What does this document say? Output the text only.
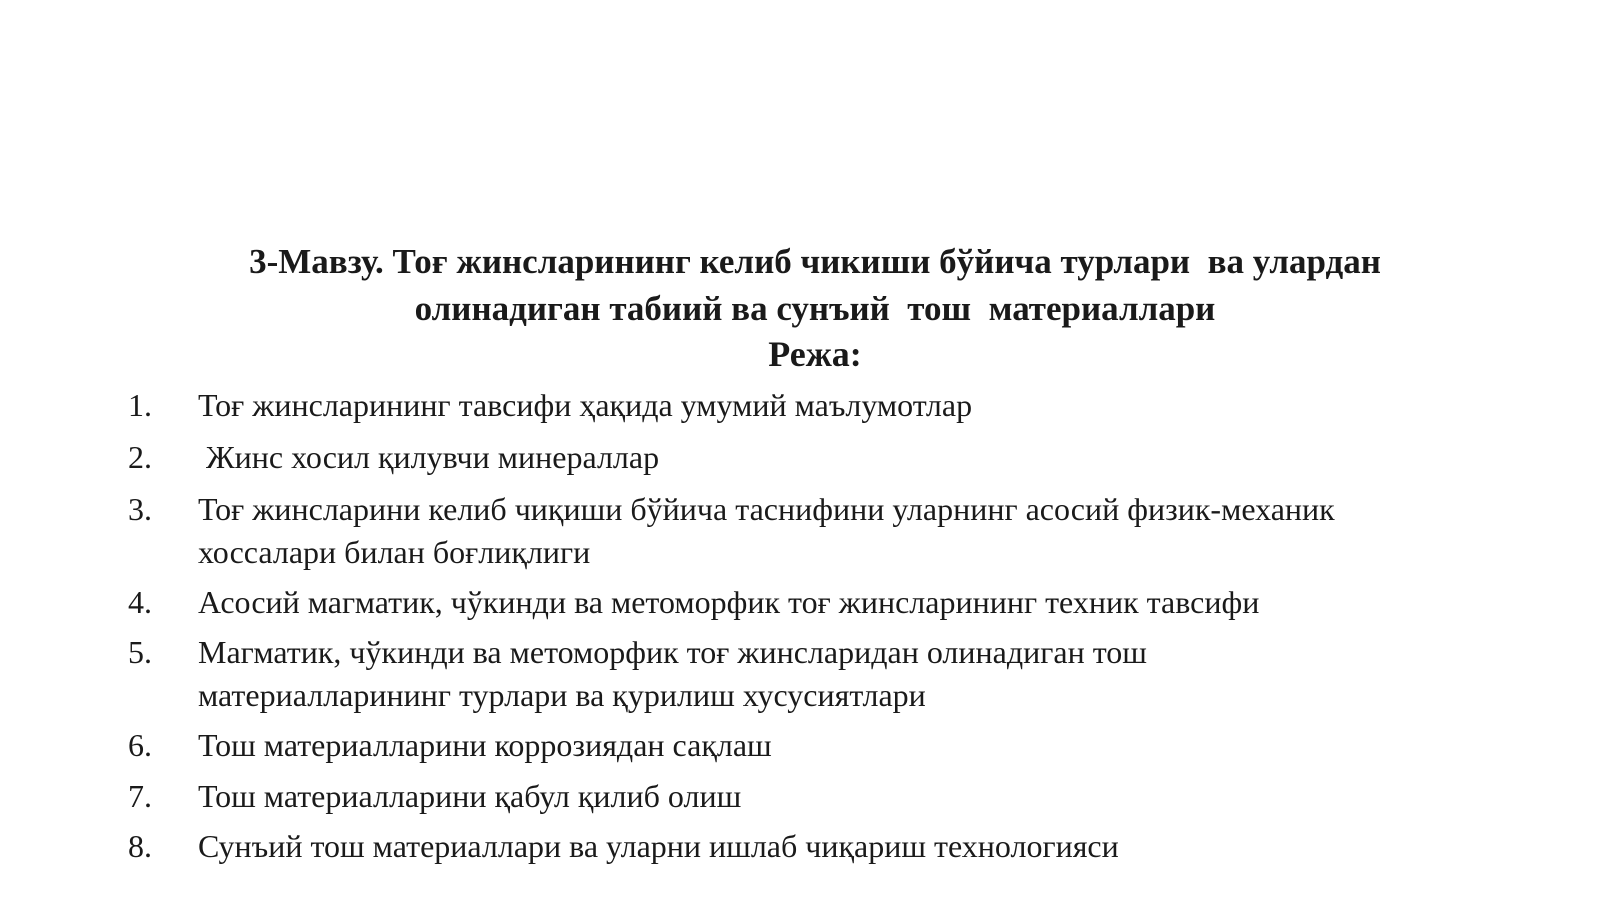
3-Мавзу. Тоғ жинсларининг келиб чикиши бўйича турлари  ва улардан
олинадиган табиий ва сунъий  тош  материаллари
Режа:
1.	Тоғ жинсларининг тавсифи ҳақида умумий маълумотлар
2.	Жинс хосил қилувчи минераллар
3.	Тоғ жинсларини келиб чиқиши бўйича таснифини уларнинг асосий физик-механик
хоссалари билан боғлиқлиги
4.	Асосий магматик, чўкинди ва метоморфик тоғ жинсларининг техник тавсифи
5.	Магматик, чўкинди ва метоморфик тоғ жинсларидан олинадиган тош
материалларининг турлари ва қурилиш хусусиятлари
6.	Тош материалларини коррозиядан сақлаш
7.	Тош материалларини қабул қилиб олиш
8.	Сунъий тош материаллари ва уларни ишлаб чиқариш технологияси
